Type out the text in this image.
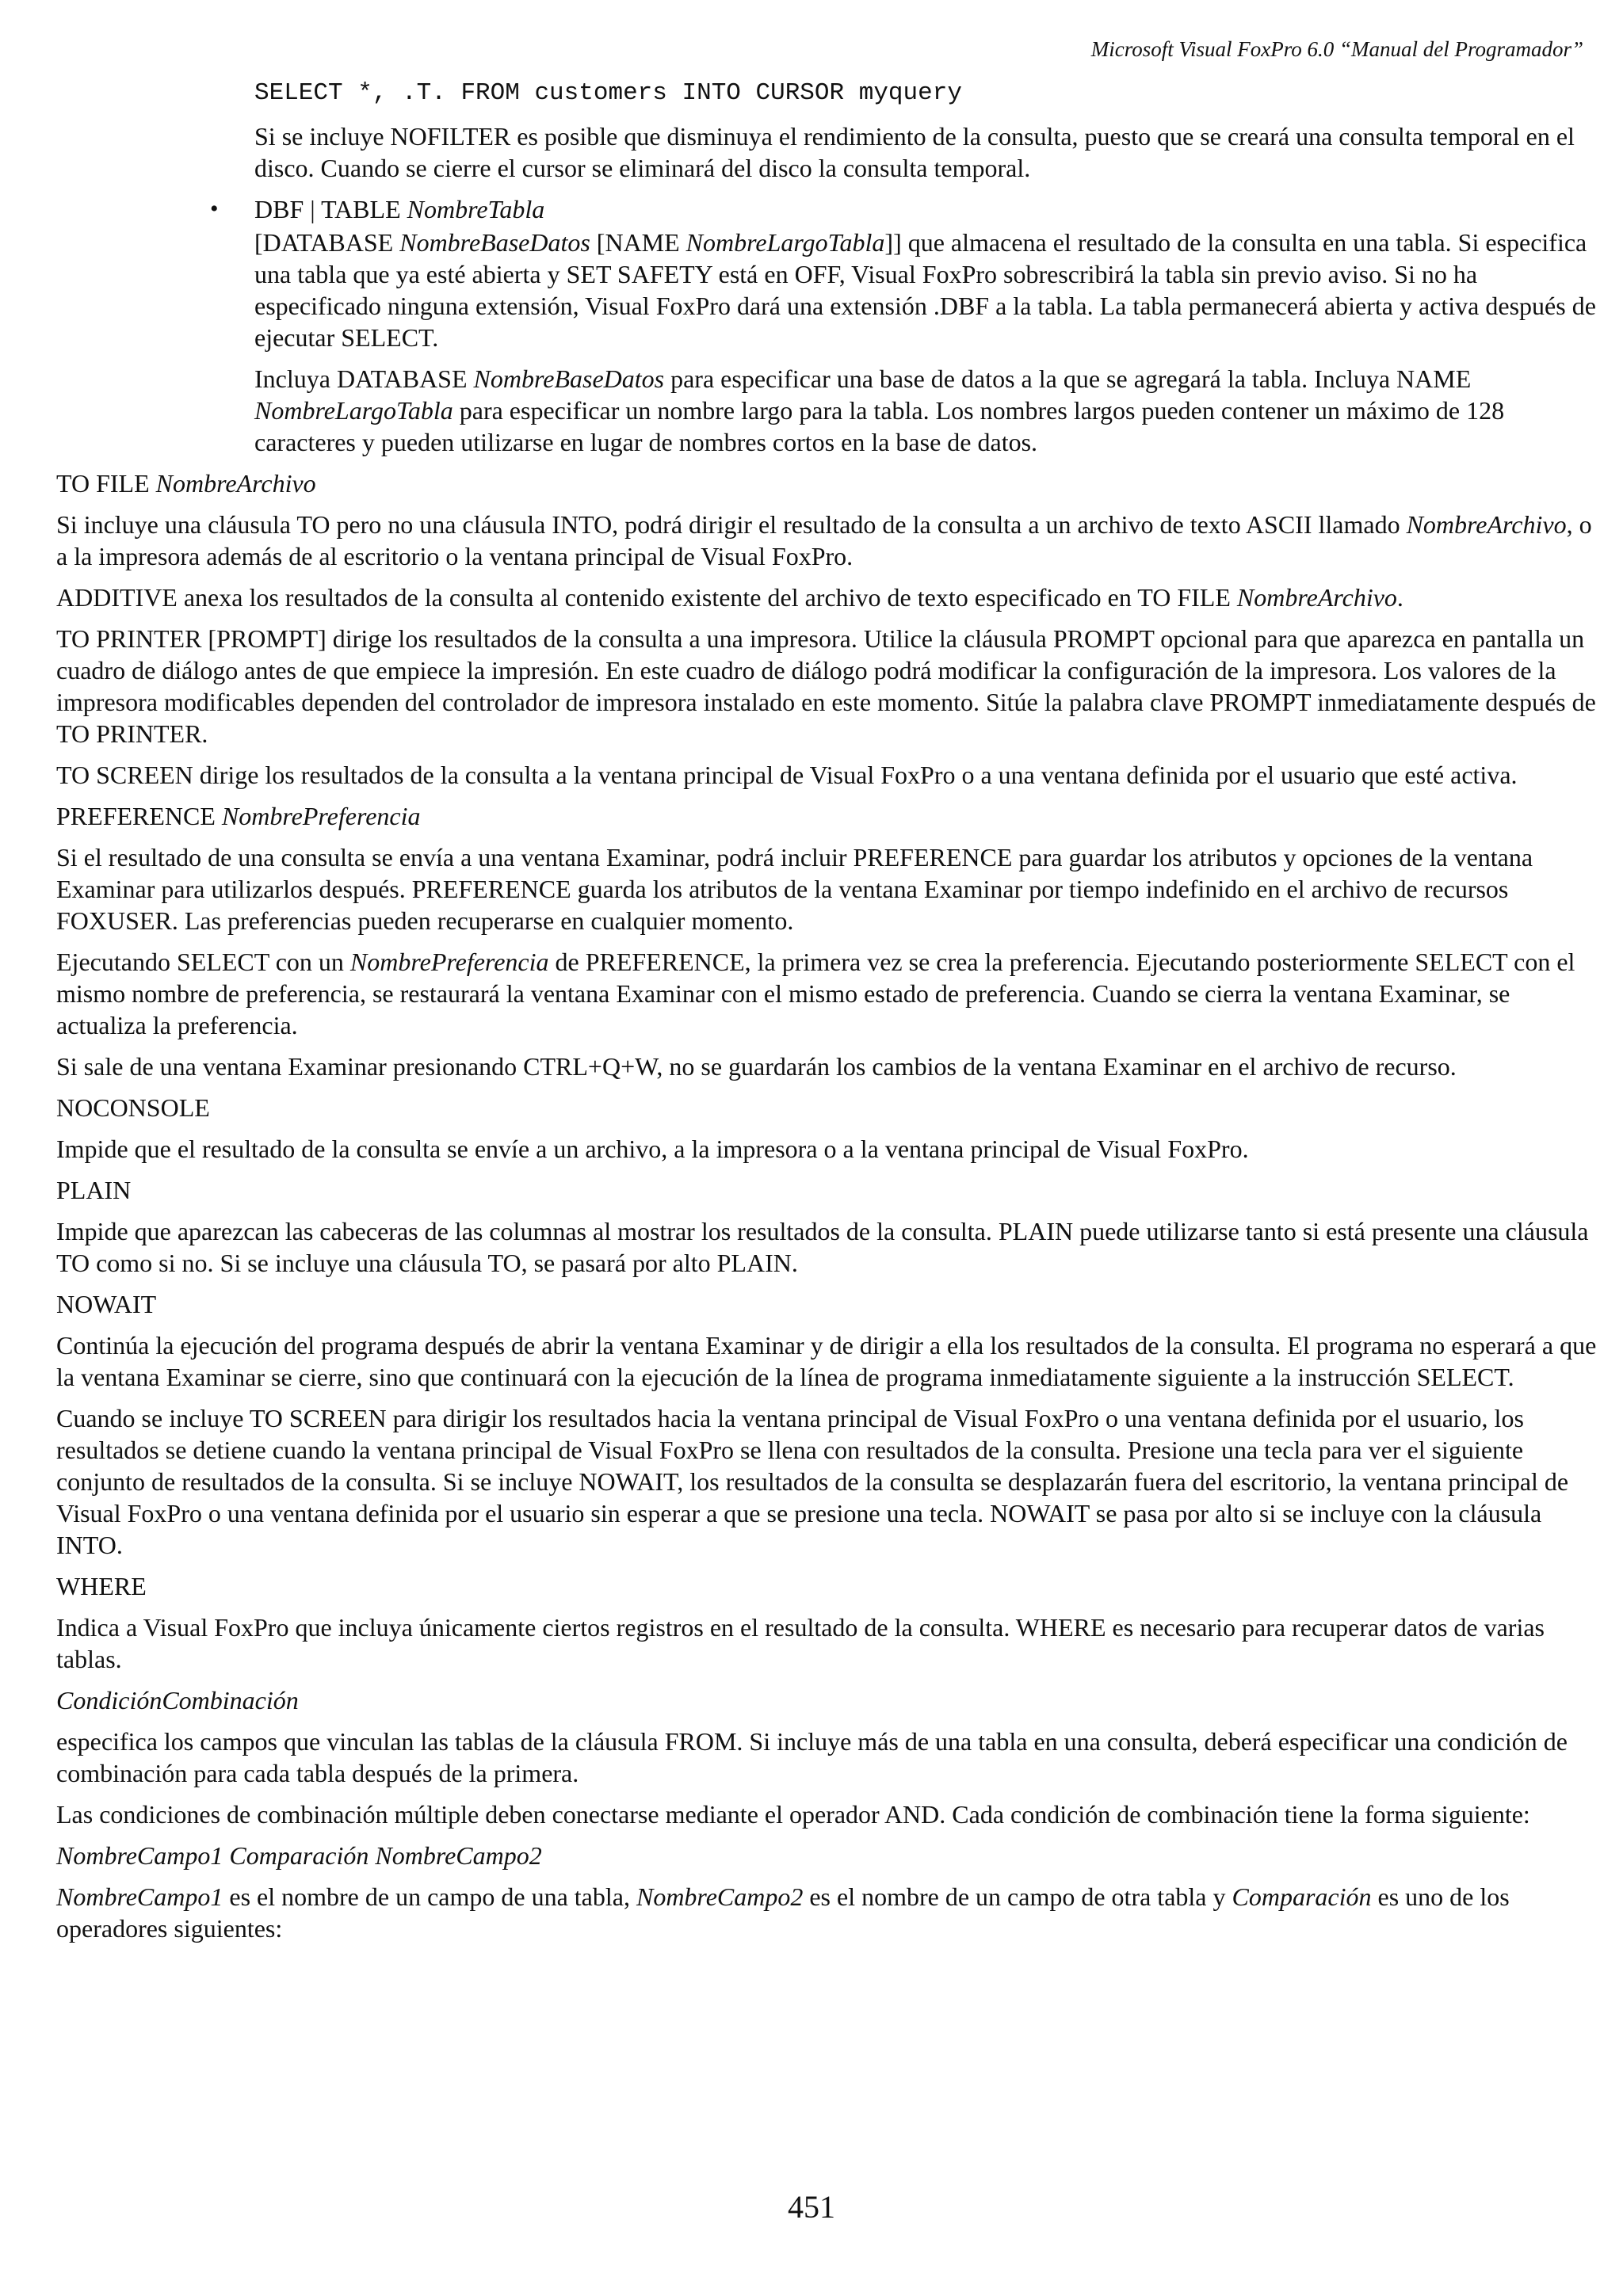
Microsoft Visual FoxPro 6.0 “Manual del Programador”

SELECT *, .T. FROM customers INTO CURSOR myquery

Si se incluye NOFILTER es posible que disminuya el rendimiento de la consulta, puesto que se creará una consulta temporal en el disco. Cuando se cierre el cursor se eliminará del disco la consulta temporal.

• DBF | TABLE NombreTabla

[DATABASE NombreBaseDatos [NAME NombreLargoTabla]] que almacena el resultado de la consulta en una tabla. Si especifica una tabla que ya esté abierta y SET SAFETY está en OFF, Visual FoxPro sobrescribirá la tabla sin previo aviso. Si no ha especificado ninguna extensión, Visual FoxPro dará una extensión .DBF a la tabla. La tabla permanecerá abierta y activa después de ejecutar SELECT.

Incluya DATABASE NombreBaseDatos para especificar una base de datos a la que se agregará la tabla. Incluya NAME NombreLargoTabla para especificar un nombre largo para la tabla. Los nombres largos pueden contener un máximo de 128 caracteres y pueden utilizarse en lugar de nombres cortos en la base de datos.

TO FILE NombreArchivo

Si incluye una cláusula TO pero no una cláusula INTO, podrá dirigir el resultado de la consulta a un archivo de texto ASCII llamado NombreArchivo, o a la impresora además de al escritorio o la ventana principal de Visual FoxPro.

ADDITIVE anexa los resultados de la consulta al contenido existente del archivo de texto especificado en TO FILE NombreArchivo.

TO PRINTER [PROMPT] dirige los resultados de la consulta a una impresora. Utilice la cláusula PROMPT opcional para que aparezca en pantalla un cuadro de diálogo antes de que empiece la impresión. En este cuadro de diálogo podrá modificar la configuración de la impresora. Los valores de la impresora modificables dependen del controlador de impresora instalado en este momento. Sitúe la palabra clave PROMPT inmediatamente después de TO PRINTER.

TO SCREEN dirige los resultados de la consulta a la ventana principal de Visual FoxPro o a una ventana definida por el usuario que esté activa.

PREFERENCE NombrePreferencia

Si el resultado de una consulta se envía a una ventana Examinar, podrá incluir PREFERENCE para guardar los atributos y opciones de la ventana Examinar para utilizarlos después. PREFERENCE guarda los atributos de la ventana Examinar por tiempo indefinido en el archivo de recursos FOXUSER. Las preferencias pueden recuperarse en cualquier momento.

Ejecutando SELECT con un NombrePreferencia de PREFERENCE, la primera vez se crea la preferencia. Ejecutando posteriormente SELECT con el mismo nombre de preferencia, se restaurará la ventana Examinar con el mismo estado de preferencia. Cuando se cierra la ventana Examinar, se actualiza la preferencia.

Si sale de una ventana Examinar presionando CTRL+Q+W, no se guardarán los cambios de la ventana Examinar en el archivo de recurso.

NOCONSOLE

Impide que el resultado de la consulta se envíe a un archivo, a la impresora o a la ventana principal de Visual FoxPro.

PLAIN

Impide que aparezcan las cabeceras de las columnas al mostrar los resultados de la consulta. PLAIN puede utilizarse tanto si está presente una cláusula TO como si no. Si se incluye una cláusula TO, se pasará por alto PLAIN.

NOWAIT

Continúa la ejecución del programa después de abrir la ventana Examinar y de dirigir a ella los resultados de la consulta. El programa no esperará a que la ventana Examinar se cierre, sino que continuará con la ejecución de la línea de programa inmediatamente siguiente a la instrucción SELECT.

Cuando se incluye TO SCREEN para dirigir los resultados hacia la ventana principal de Visual FoxPro o una ventana definida por el usuario, los resultados se detiene cuando la ventana principal de Visual FoxPro se llena con resultados de la consulta. Presione una tecla para ver el siguiente conjunto de resultados de la consulta. Si se incluye NOWAIT, los resultados de la consulta se desplazarán fuera del escritorio, la ventana principal de Visual FoxPro o una ventana definida por el usuario sin esperar a que se presione una tecla. NOWAIT se pasa por alto si se incluye con la cláusula INTO.

WHERE

Indica a Visual FoxPro que incluya únicamente ciertos registros en el resultado de la consulta. WHERE es necesario para recuperar datos de varias tablas.

CondiciónCombinación

especifica los campos que vinculan las tablas de la cláusula FROM. Si incluye más de una tabla en una consulta, deberá especificar una condición de combinación para cada tabla después de la primera.

Las condiciones de combinación múltiple deben conectarse mediante el operador AND. Cada condición de combinación tiene la forma siguiente:

NombreCampo1 Comparación NombreCampo2

NombreCampo1 es el nombre de un campo de una tabla, NombreCampo2 es el nombre de un campo de otra tabla y Comparación es uno de los operadores siguientes:

451
